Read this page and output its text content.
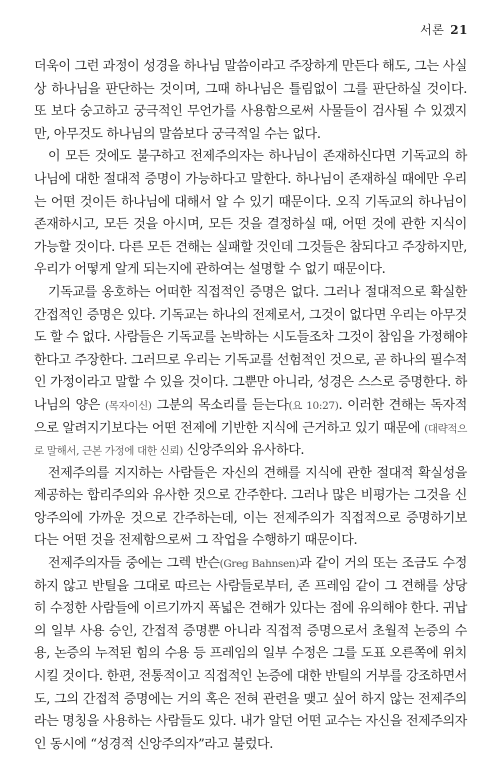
서론 21

더욱이 그런 과정이 성경을 하나님 말씀이라고 주장하게 만든다 해도, 그는 사실상 하나님을 판단하는 것이며, 그때 하나님은 틀림없이 그를 판단하실 것이다. 또 보다 숭고하고 궁극적인 무언가를 사용함으로써 사물들이 검사될 수 있겠지만, 아무것도 하나님의 말씀보다 궁극적일 수는 없다.

이 모든 것에도 불구하고 전제주의자는 하나님이 존재하신다면 기독교의 하나님에 대한 절대적 증명이 가능하다고 말한다. 하나님이 존재하실 때에만 우리는 어떤 것이든 하나님에 대해서 알 수 있기 때문이다. 오직 기독교의 하나님이 존재하시고, 모든 것을 아시며, 모든 것을 결정하실 때, 어떤 것에 관한 지식이 가능할 것이다. 다른 모든 견해는 실패할 것인데 그것들은 참되다고 주장하지만, 우리가 어떻게 알게 되는지에 관하여는 설명할 수 없기 때문이다.

기독교를 옹호하는 어떠한 직접적인 증명은 없다. 그러나 절대적으로 확실한 간접적인 증명은 있다. 기독교는 하나의 전제로서, 그것이 없다면 우리는 아무것도 할 수 없다. 사람들은 기독교를 논박하는 시도들조차 그것이 참임을 가정해야 한다고 주장한다. 그러므로 우리는 기독교를 선험적인 것으로, 곧 하나의 필수적인 가정이라고 말할 수 있을 것이다. 그뿐만 아니라, 성경은 스스로 증명한다. 하나님의 양은 (목자이신) 그분의 목소리를 듣는다(요 10:27). 이러한 견해는 독자적으로 알려지기보다는 어떤 전제에 기반한 지식에 근거하고 있기 때문에 (대략적으로 말해서, 근본 가정에 대한 신뢰) 신앙주의와 유사하다.

전제주의를 지지하는 사람들은 자신의 견해를 지식에 관한 절대적 확실성을 제공하는 합리주의와 유사한 것으로 간주한다. 그러나 많은 비평가는 그것을 신앙주의에 가까운 것으로 간주하는데, 이는 전제주의가 직접적으로 증명하기보다는 어떤 것을 전제함으로써 그 작업을 수행하기 때문이다.

전제주의자들 중에는 그렉 반슨(Greg Bahnsen)과 같이 거의 또는 조금도 수정하지 않고 반틸을 그대로 따르는 사람들로부터, 존 프레임 같이 그 견해를 상당히 수정한 사람들에 이르기까지 폭넓은 견해가 있다는 점에 유의해야 한다. 귀납의 일부 사용 승인, 간접적 증명뿐 아니라 직접적 증명으로서 초월적 논증의 수용, 논증의 누적된 힘의 수용 등 프레임의 일부 수정은 그를 도표 오른쪽에 위치시킬 것이다. 한편, 전통적이고 직접적인 논증에 대한 반틸의 거부를 강조하면서도, 그의 간접적 증명에는 거의 혹은 전혀 관련을 맺고 싶어 하지 않는 전제주의라는 명칭을 사용하는 사람들도 있다. 내가 알던 어떤 교수는 자신을 전제주의자인 동시에 “성경적 신앙주의자”라고 불렀다.
